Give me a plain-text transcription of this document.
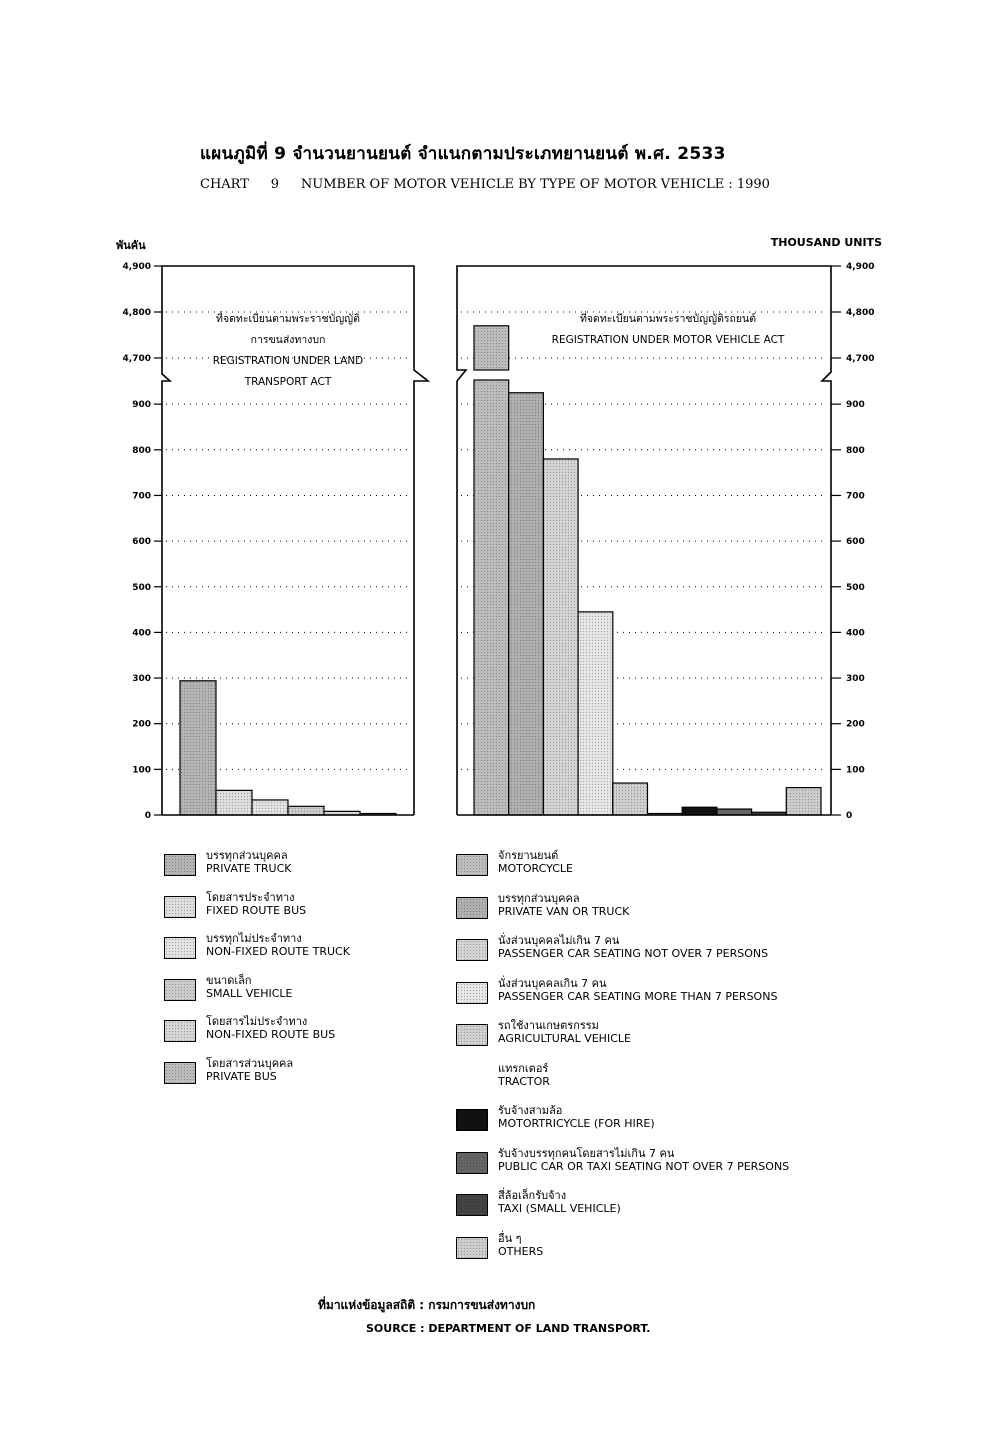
แผนภูมิที่ 9 จำนวนยานยนต์ จำแนกตามประเภทยานยนต์ พ.ศ. 2533
CHART 9 NUMBER OF MOTOR VEHICLE BY TYPE OF MOTOR VEHICLE : 1990
พันคัน	THOUSAND UNITS
0
100
200
300
400
500
600
700
800
900
4,700
4,800
4,900
0
100
200
300
400
500
600
700
800
900
4,700
4,800
4,900
ที่จดทะเบียนตามพระราชบัญญัติ
การขนส่งทางบก
REGISTRATION UNDER LAND
TRANSPORT ACT
ที่จดทะเบียนตามพระราชบัญญัติรถยนต์
REGISTRATION UNDER MOTOR VEHICLE ACT
บรรทุกส่วนบุคคล
PRIVATE TRUCK
โดยสารประจำทาง
FIXED ROUTE BUS
บรรทุกไม่ประจำทาง
NON-FIXED ROUTE TRUCK
ขนาดเล็ก
SMALL VEHICLE
โดยสารไม่ประจำทาง
NON-FIXED ROUTE BUS
โดยสารส่วนบุคคล
PRIVATE BUS
จักรยานยนต์
MOTORCYCLE
บรรทุกส่วนบุคคล
PRIVATE VAN OR TRUCK
นั่งส่วนบุคคลไม่เกิน 7 คน
PASSENGER CAR SEATING NOT OVER 7 PERSONS
นั่งส่วนบุคคลเกิน 7 คน
PASSENGER CAR SEATING MORE THAN 7 PERSONS
รถใช้งานเกษตรกรรม
AGRICULTURAL VEHICLE
แทรกเตอร์
TRACTOR
รับจ้างสามล้อ
MOTORTRICYCLE (FOR HIRE)
รับจ้างบรรทุกคนโดยสารไม่เกิน 7 คน
PUBLIC CAR OR TAXI SEATING NOT OVER 7 PERSONS
สี่ล้อเล็กรับจ้าง
TAXI (SMALL VEHICLE)
อื่น ๆ
OTHERS
ที่มาแห่งข้อมูลสถิติ : กรมการขนส่งทางบก
SOURCE : DEPARTMENT OF LAND TRANSPORT.
